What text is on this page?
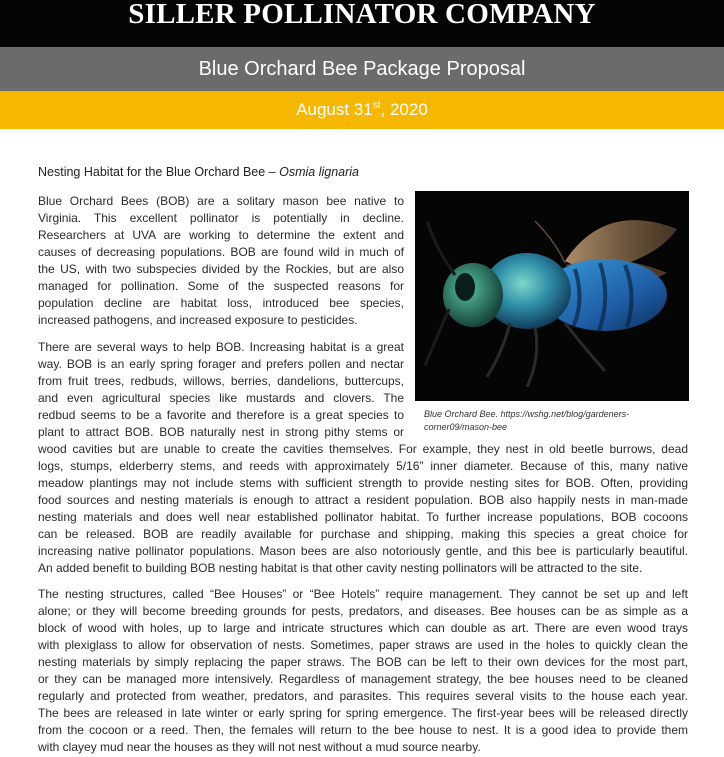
SILLER POLLINATOR COMPANY
Blue Orchard Bee Package Proposal
August 31st, 2020
Nesting Habitat for the Blue Orchard Bee – Osmia lignaria
Blue Orchard Bees (BOB) are a solitary mason bee native to
Virginia. This excellent pollinator is potentially in decline.
Researchers at UVA are working to determine the extent and
causes of decreasing populations. BOB are found wild in much of
the US, with two subspecies divided by the Rockies, but are also
managed for pollination. Some of the suspected reasons for
population decline are habitat loss, introduced bee species,
increased pathogens, and increased exposure to pesticides.
There are several ways to help BOB. Increasing habitat is a great
way. BOB is an early spring forager and prefers pollen and nectar
from fruit trees, redbuds, willows, berries, dandelions, buttercups,
and even agricultural species like mustards and clovers. The
redbud seems to be a favorite and therefore is a great species to
plant to attract BOB. BOB naturally nest in strong pithy stems or
wood cavities but are unable to create the cavities themselves. For example, they nest in old beetle burrows, dead
logs, stumps, elderberry stems, and reeds with approximately 5/16” inner diameter. Because of this, many native
meadow plantings may not include stems with sufficient strength to provide nesting sites for BOB. Often, providing
food sources and nesting materials is enough to attract a resident population. BOB also happily nests in man-made
nesting materials and does well near established pollinator habitat. To further increase populations, BOB cocoons
can be released. BOB are readily available for purchase and shipping, making this species a great choice for
increasing native pollinator populations. Mason bees are also notoriously gentle, and this bee is particularly beautiful.
An added benefit to building BOB nesting habitat is that other cavity nesting pollinators will be attracted to the site.
The nesting structures, called “Bee Houses” or “Bee Hotels” require management. They cannot be set up and left
alone; or they will become breeding grounds for pests, predators, and diseases. Bee houses can be as simple as a
block of wood with holes, up to large and intricate structures which can double as art. There are even wood trays
with plexiglass to allow for observation of nests. Sometimes, paper straws are used in the holes to quickly clean the
nesting materials by simply replacing the paper straws. The BOB can be left to their own devices for the most part,
or they can be managed more intensively. Regardless of management strategy, the bee houses need to be cleaned
regularly and protected from weather, predators, and parasites. This requires several visits to the house each year.
The bees are released in late winter or early spring for spring emergence. The first-year bees will be released directly
from the cocoon or a reed. Then, the females will return to the bee house to nest. It is a good idea to provide them
with clayey mud near the houses as they will not nest without a mud source nearby.
Blue Orchard Bee. https://wshg.net/blog/gardeners-
corner09/mason-bee
